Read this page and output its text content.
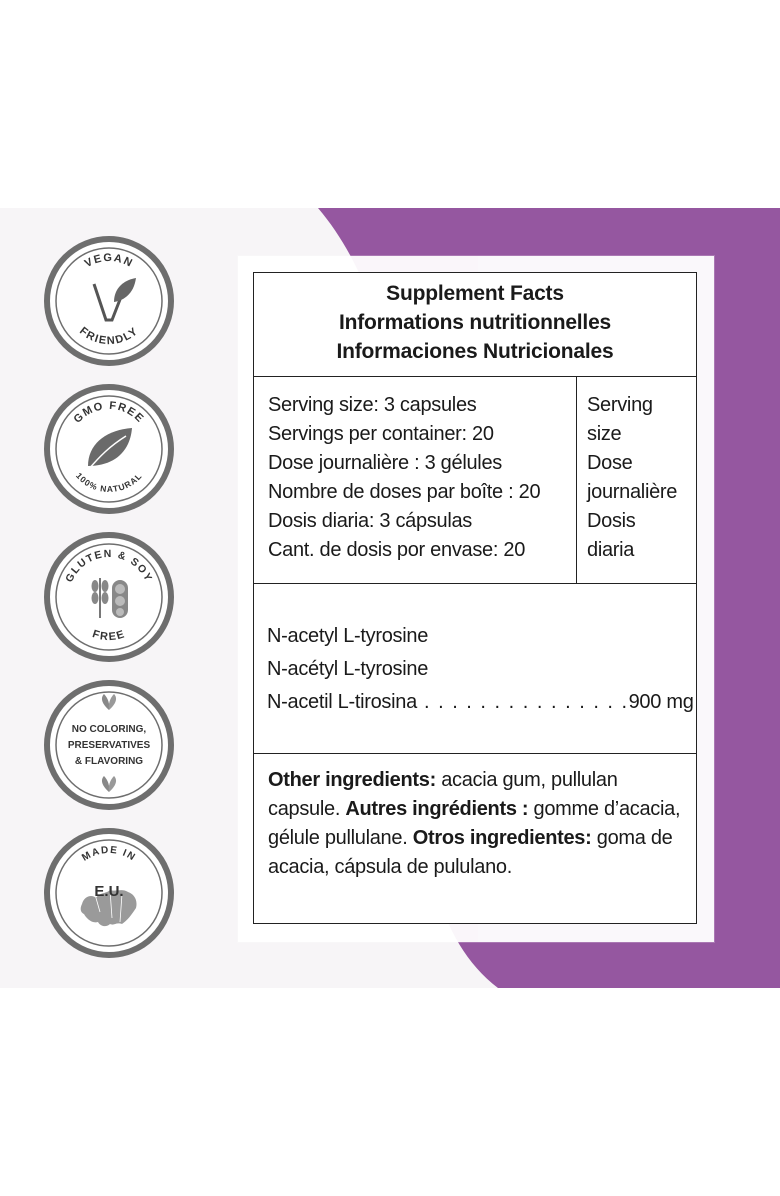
VEGAN
FRIENDLY
GMO FREE
100% NATURAL
GLUTEN & SOY
FREE
NO COLORING,
PRESERVATIVES
& FLAVORING
MADE IN
E.U.
Supplement Facts
Informations nutritionnelles
Informaciones Nutricionales
Serving size: 3 capsules
Servings per container: 20
Dose journalière : 3 gélules
Nombre de doses par boîte : 20
Dosis diaria: 3 cápsulas
Cant. de dosis por envase: 20
Serving
size
Dose
journalière
Dosis
diaria
N-acetyl L-tyrosine
N-acétyl L-tyrosine
N-acetil L-tirosina . . . . . . . . . . . . . . .900 mg
Other ingredients: acacia gum, pullulan capsule. Autres ingrédients : gomme d’acacia, gélule pullulane. Otros ingredientes: goma de acacia, cápsula de pululano.
